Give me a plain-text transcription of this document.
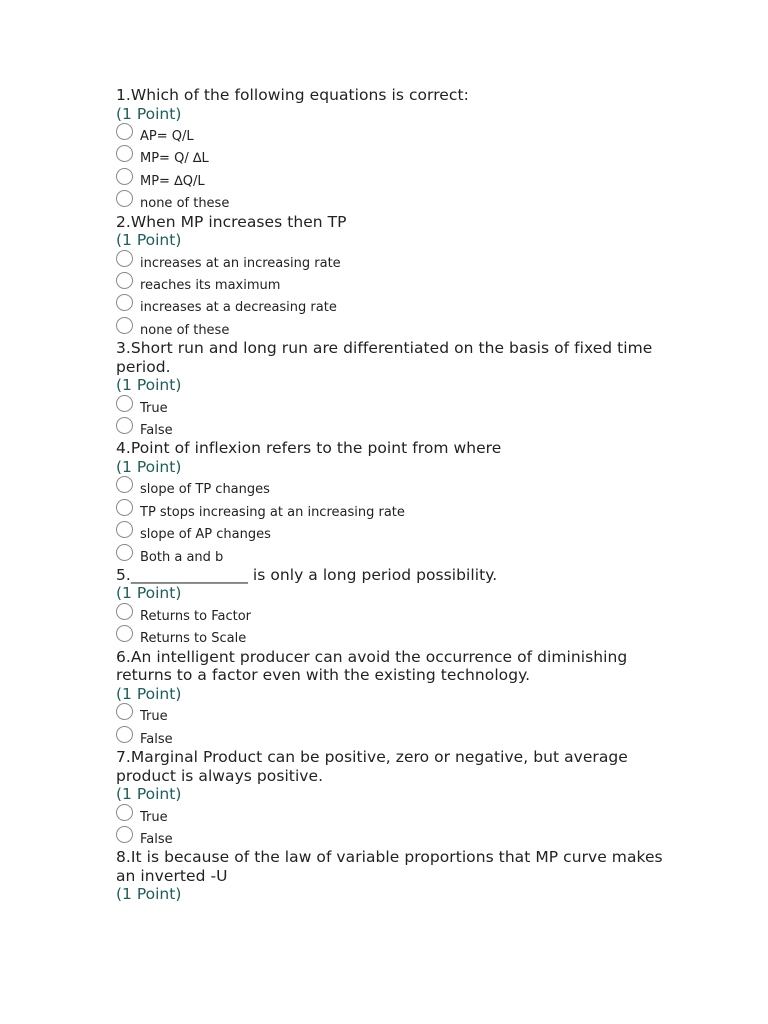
1.Which of the following equations is correct:
(1 Point)
AP= Q/L
MP= Q/ ∆L
MP= ∆Q/L
none of these
2.When MP increases then TP
(1 Point)
increases at an increasing rate
reaches its maximum
increases at a decreasing rate
none of these
3.Short run and long run are differentiated on the basis of fixed time period.
(1 Point)
True
False
4.Point of inflexion refers to the point from where
(1 Point)
slope of TP changes
TP stops increasing at an increasing rate
slope of AP changes
Both a and b
5._______________ is only a long period possibility.
(1 Point)
Returns to Factor
Returns to Scale
6.An intelligent producer can avoid the occurrence of diminishing returns to a factor even with the existing technology.
(1 Point)
True
False
7.Marginal Product can be positive, zero or negative, but average product is always positive.
(1 Point)
True
False
8.It is because of the law of variable proportions that MP curve makes an inverted -U
(1 Point)
